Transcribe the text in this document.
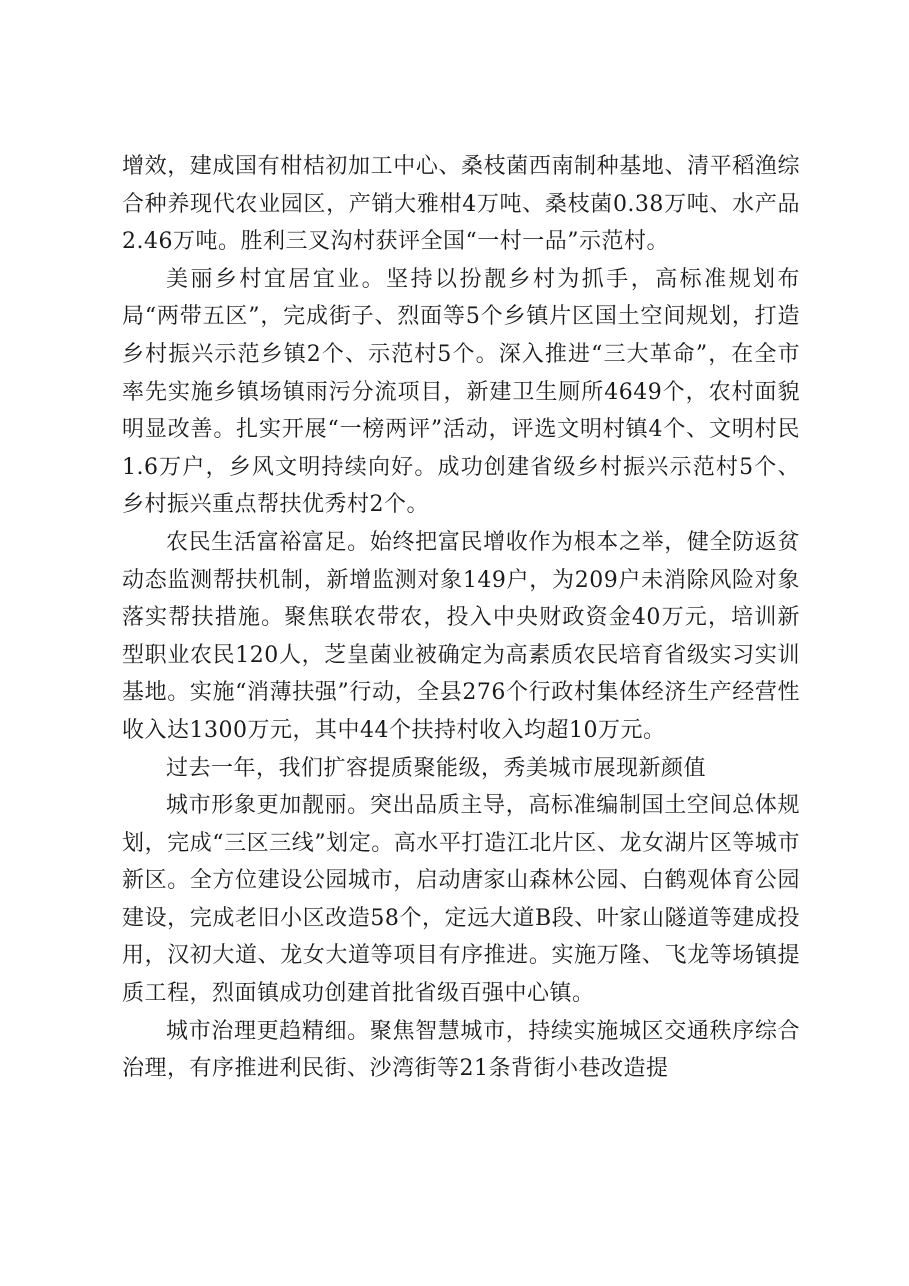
增效，建成国有柑桔初加工中心、桑枝菌西南制种基地、清平稻渔综合种养现代农业园区，产销大雅柑4万吨、桑枝菌0.38万吨、水产品2.46万吨。胜利三叉沟村获评全国“一村一品”示范村。

美丽乡村宜居宜业。坚持以扮靓乡村为抓手，高标准规划布局“两带五区”，完成街子、烈面等5个乡镇片区国土空间规划，打造乡村振兴示范乡镇2个、示范村5个。深入推进“三大革命”，在全市率先实施乡镇场镇雨污分流项目，新建卫生厕所4649个，农村面貌明显改善。扎实开展“一榜两评”活动，评选文明村镇4个、文明村民1.6万户，乡风文明持续向好。成功创建省级乡村振兴示范村5个、乡村振兴重点帮扶优秀村2个。

农民生活富裕富足。始终把富民增收作为根本之举，健全防返贫动态监测帮扶机制，新增监测对象149户，为209户未消除风险对象落实帮扶措施。聚焦联农带农，投入中央财政资金40万元，培训新型职业农民120人，芝皇菌业被确定为高素质农民培育省级实习实训基地。实施“消薄扶强”行动，全县276个行政村集体经济生产经营性收入达1300万元，其中44个扶持村收入均超10万元。

过去一年，我们扩容提质聚能级，秀美城市展现新颜值

城市形象更加靓丽。突出品质主导，高标准编制国土空间总体规划，完成“三区三线”划定。高水平打造江北片区、龙女湖片区等城市新区。全方位建设公园城市，启动唐家山森林公园、白鹤观体育公园建设，完成老旧小区改造58个，定远大道B段、叶家山隧道等建成投用，汉初大道、龙女大道等项目有序推进。实施万隆、飞龙等场镇提质工程，烈面镇成功创建首批省级百强中心镇。

城市治理更趋精细。聚焦智慧城市，持续实施城区交通秩序综合治理，有序推进利民街、沙湾街等21条背街小巷改造提
